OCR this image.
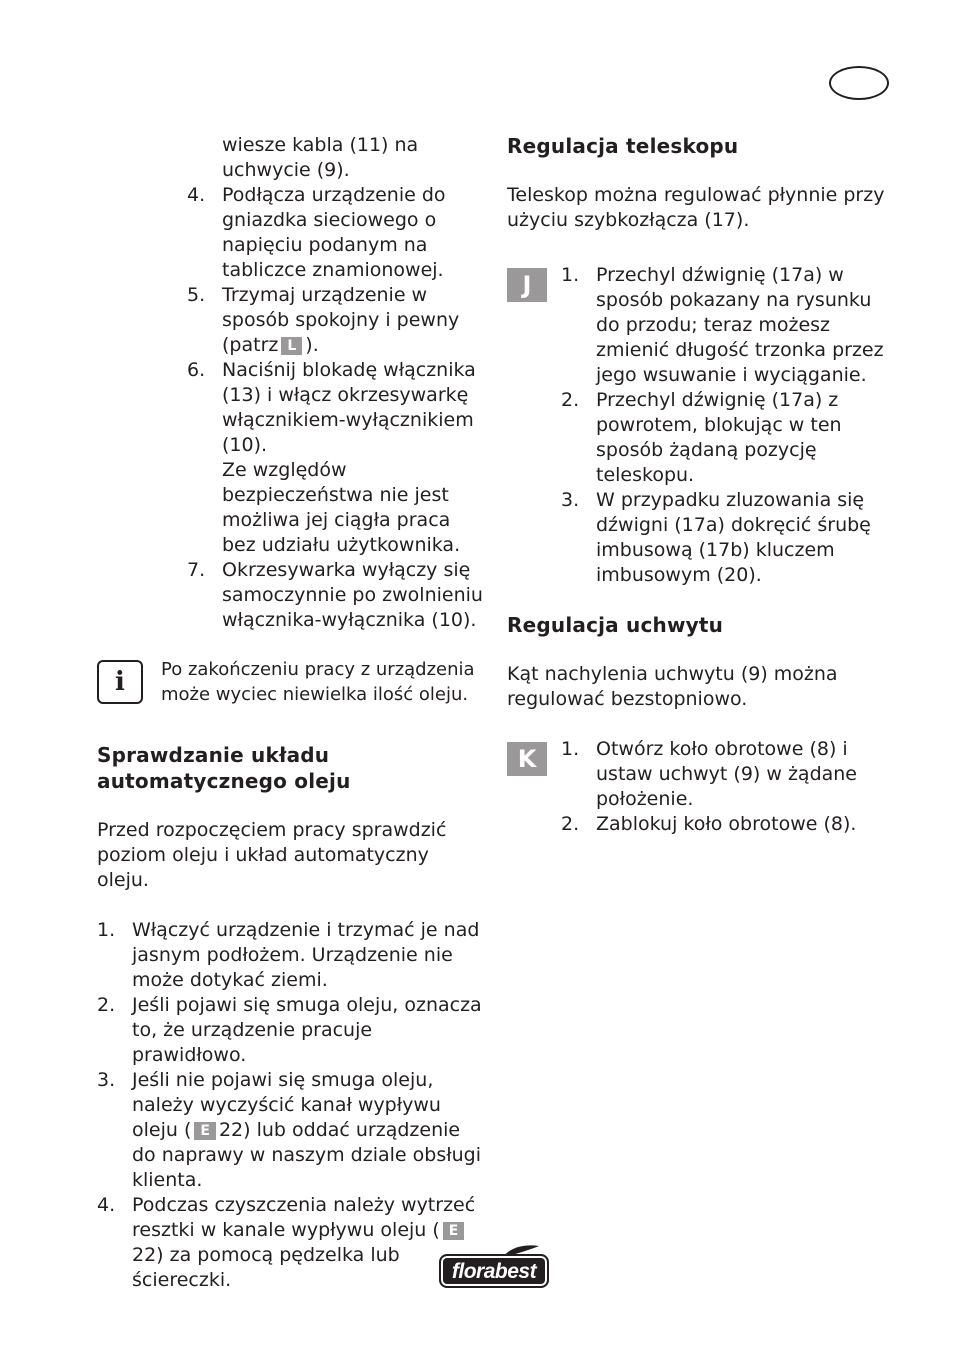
wiesze kabla (11) na uchwycie (9).
4. Podłącza urządzenie do gniazdka sieciowego o napięciu podanym na tabliczce znamionowej.
5. Trzymaj urządzenie w sposób spokojny i pewny (patrz L ).
6. Naciśnij blokadę włącznika (13) i włącz okrzesywarkę włącznikiem-wyłącznikiem (10).
Ze względów bezpieczeństwa nie jest możliwa jej ciągła praca bez udziału użytkownika.
7. Okrzesywarka wyłączy się samoczynnie po zwolnieniu włącznika-wyłącznika (10).
i	Po zakończeniu pracy z urządzenia może wyciec niewielka ilość oleju.

Sprawdzanie układu automatycznego oleju

Przed rozpoczęciem pracy sprawdzić poziom oleju i układ automatyczny oleju.

1. Włączyć urządzenie i trzymać je nad jasnym podłożem. Urządzenie nie może dotykać ziemi.
2. Jeśli pojawi się smuga oleju, oznacza to, że urządzenie pracuje prawidłowo.
3. Jeśli nie pojawi się smuga oleju, należy wyczyścić kanał wypływu oleju ( E 22) lub oddać urządzenie do naprawy w naszym dziale obsługi klienta.
4. Podczas czyszczenia należy wytrzeć resztki w kanale wypływu oleju ( E22) za pomocą pędzelka lub ściereczki.
Regulacja teleskopu

Teleskop można regulować płynnie przy użyciu szybkozłącza (17).

J	1. Przechyl dźwignię (17a) w sposób pokazany na rysunku do przodu; teraz możesz zmienić długość trzonka przez jego wsuwanie i wyciąganie.
2. Przechyl dźwignię (17a) z powrotem, blokując w ten sposób żądaną pozycję teleskopu.
3. W przypadku zluzowania się dźwigni (17a) dokręcić śrubę imbusową (17b) kluczem imbusowym (20).
Regulacja uchwytu

Kąt nachylenia uchwytu (9) można regulować bezstopniowo.

K	1. Otwórz koło obrotowe (8) i ustaw uchwyt (9) w żądane położenie.
2. Zablokuj koło obrotowe (8).
florabest
